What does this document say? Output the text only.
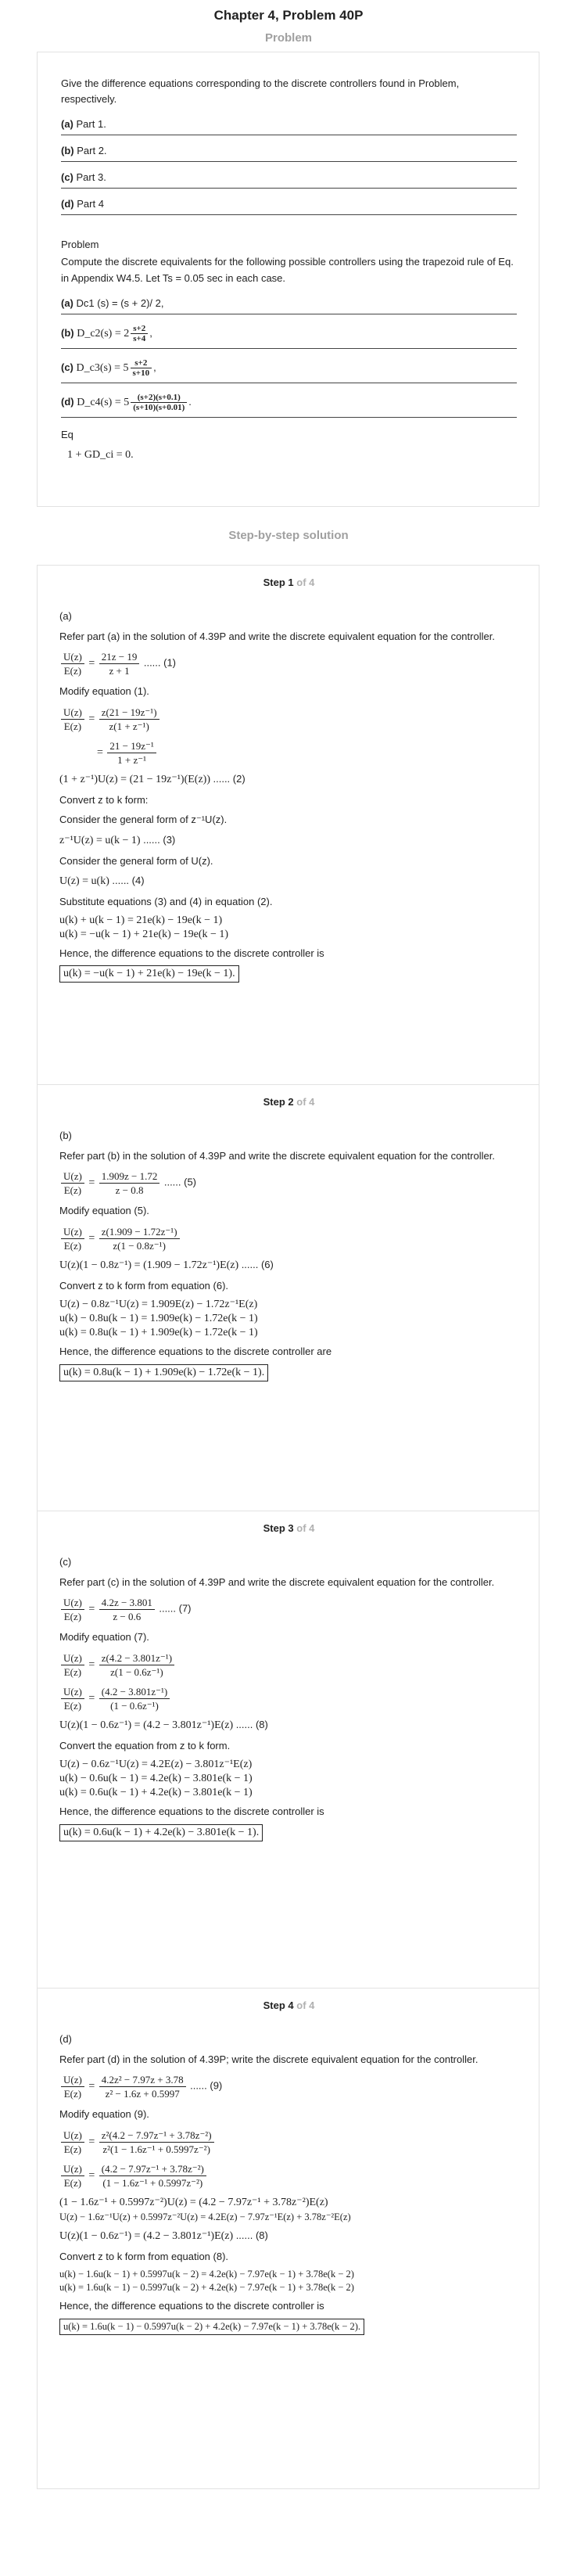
Chapter 4, Problem 40P
Problem

Give the difference equations corresponding to the discrete controllers found in Problem, respectively.

(a) Part 1.
(b) Part 2.
(c) Part 3.
(d) Part 4

Problem

Compute the discrete equivalents for the following possible controllers using the trapezoid rule of Eq. in Appendix W4.5. Let Ts = 0.05 sec in each case.

(a) Dc1 (s) = (s + 2)/ 2,
(b) D_c2(s) = $2 \frac{s+2}{s+4}$ ,
(c) D_c3(s) = $5 \frac{s+2}{s+10}$ ,
(d) D_c4(s) = $5 \frac{(s+2)(s+0.1)}{(s+10)(s+0.01)}$ .

Eq

1 + GD_ci = 0.
Step-by-step solution
Step 1 of 4

(a)

Refer part (a) in the solution of 4.39P and write the discrete equivalent equation for the controller.

$\frac{U(z)}{E(z)} = \frac{21z - 19}{z + 1}$ ...... (1)

Modify equation (1).

$\frac{U(z)}{E(z)} = \frac{\text{z(21 − 19z⁻¹)}}{\text{z(1 + z⁻¹)}}$
= $\frac{\text{21 − 19z⁻¹}}{\text{1 + z⁻¹}}$
(1 + z⁻¹)U(z) = (21 − 19z⁻¹)(E(z)) ...... (2)

Convert z to k form:

Consider the general form of z⁻¹U(z).

z⁻¹U(z) = u(k − 1) ...... (3)

Consider the general form of U(z).

U(z) = u(k) ...... (4)

Substitute equations (3) and (4) in equation (2).

u(k) + u(k − 1) = 21e(k) − 19e(k − 1)
u(k) = −u(k − 1) + 21e(k) − 19e(k − 1)

Hence, the difference equations to the discrete controller is

u(k) = −u(k − 1) + 21e(k) − 19e(k − 1).
Step 2 of 4

(b)

Refer part (b) in the solution of 4.39P and write the discrete equivalent equation for the controller.

$\frac{U(z)}{E(z)} = \frac{1.909z - 1.72}{z - 0.8}$ ...... (5)

Modify equation (5).

$\frac{U(z)}{E(z)} = \frac{\text{z(1.909 − 1.72z⁻¹)}}{\text{z(1 − 0.8z⁻¹)}}$
U(z)(1 − 0.8z⁻¹) = (1.909 − 1.72z⁻¹)E(z) ...... (6)

Convert z to k form from equation (6).

U(z) − 0.8z⁻¹U(z) = 1.909E(z) − 1.72z⁻¹E(z)
u(k) − 0.8u(k − 1) = 1.909e(k) − 1.72e(k − 1)
u(k) = 0.8u(k − 1) + 1.909e(k) − 1.72e(k − 1)

Hence, the difference equations to the discrete controller are

u(k) = 0.8u(k − 1) + 1.909e(k) − 1.72e(k − 1).
Step 3 of 4

(c)

Refer part (c) in the solution of 4.39P and write the discrete equivalent equation for the controller.

$\frac{U(z)}{E(z)} = \frac{4.2z - 3.801}{z - 0.6}$ ...... (7)

Modify equation (7).

$\frac{U(z)}{E(z)} = \frac{\text{z(4.2 − 3.801z⁻¹)}}{\text{z(1 − 0.6z⁻¹)}}$
$\frac{U(z)}{E(z)} = \frac{\text{(4.2 − 3.801z⁻¹)}}{\text{(1 − 0.6z⁻¹)}}$
U(z)(1 − 0.6z⁻¹) = (4.2 − 3.801z⁻¹)E(z) ...... (8)

Convert the equation from z to k form.

U(z) − 0.6z⁻¹U(z) = 4.2E(z) − 3.801z⁻¹E(z)
u(k) − 0.6u(k − 1) = 4.2e(k) − 3.801e(k − 1)
u(k) = 0.6u(k − 1) + 4.2e(k) − 3.801e(k − 1)

Hence, the difference equations to the discrete controller is

u(k) = 0.6u(k − 1) + 4.2e(k) − 3.801e(k − 1).
Step 4 of 4

(d)

Refer part (d) in the solution of 4.39P; write the discrete equivalent equation for the controller.

$\frac{U(z)}{E(z)} = \frac{\text{4.2z² − 7.97z + 3.78}}{\text{z² − 1.6z + 0.5997}}$ ...... (9)

Modify equation (9).

$\frac{U(z)}{E(z)} = \frac{\text{z²(4.2 − 7.97z⁻¹ + 3.78z⁻²)}}{\text{z²(1 − 1.6z⁻¹ + 0.5997z⁻²)}}$
$\frac{U(z)}{E(z)} = \frac{\text{(4.2 − 7.97z⁻¹ + 3.78z⁻²)}}{\text{(1 − 1.6z⁻¹ + 0.5997z⁻²)}}$
(1 − 1.6z⁻¹ + 0.5997z⁻²)U(z) = (4.2 − 7.97z⁻¹ + 3.78z⁻²)E(z)
U(z) − 1.6z⁻¹U(z) + 0.5997z⁻²U(z) = 4.2E(z) − 7.97z⁻¹E(z) + 3.78z⁻²E(z)
U(z)(1 − 0.6z⁻¹) = (4.2 − 3.801z⁻¹)E(z) ...... (8)

Convert z to k form from equation (8).

u(k) − 1.6u(k − 1) + 0.5997u(k − 2) = 4.2e(k) − 7.97e(k − 1) + 3.78e(k − 2)
u(k) = 1.6u(k − 1) − 0.5997u(k − 2) + 4.2e(k) − 7.97e(k − 1) + 3.78e(k − 2)

Hence, the difference equations to the discrete controller is

u(k) = 1.6u(k − 1) − 0.5997u(k − 2) + 4.2e(k) − 7.97e(k − 1) + 3.78e(k − 2).
